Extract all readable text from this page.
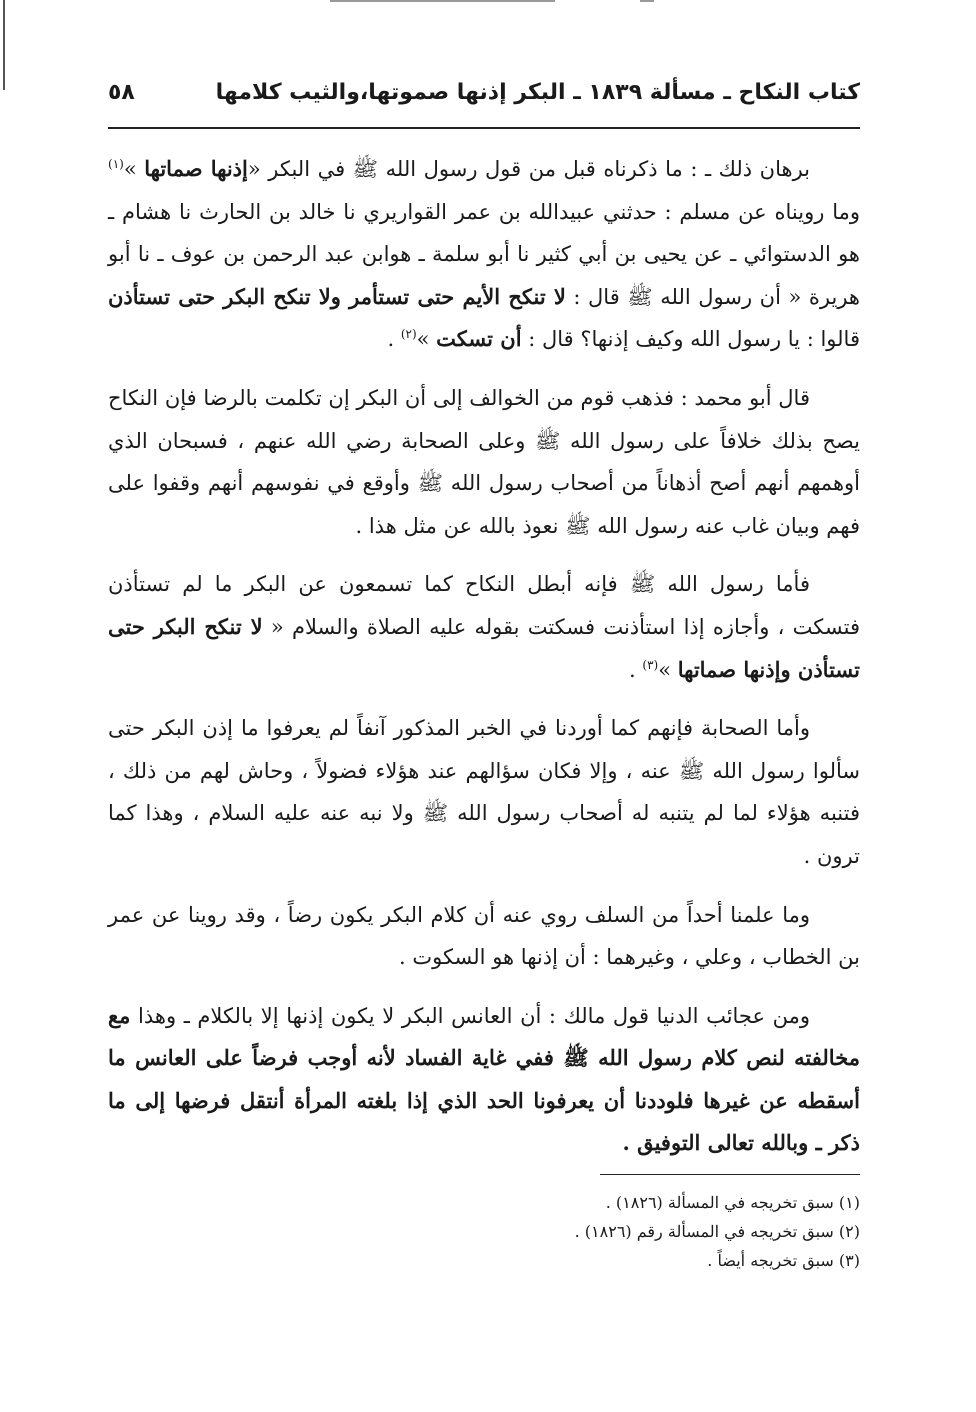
كتاب النكاح ـ مسألة ١٨٣٩ ـ البكر إذنها صموتها،والثيب كلامها
٥٨

برهان ذلك ـ : ما ذكرناه قبل من قول رسول الله ﷺ في البكر «إذنها صماتها »$^{(١)}$ وما رويناه عن مسلم : حدثني عبيدالله بن عمر القواريري نا خالد بن الحارث نا هشام ـ هو الدستوائي ـ عن يحيى بن أبي كثير نا أبو سلمة ـ هوابن عبد الرحمن بن عوف ـ نا أبو هريرة « أن رسول الله ﷺ قال : لا تنكح الأيم حتى تستأمر ولا تنكح البكر حتى تستأذن قالوا : يا رسول الله وكيف إذنها؟ قال : أن تسكت »$^{(٢)}$ .

قال أبو محمد : فذهب قوم من الخوالف إلى أن البكر إن تكلمت بالرضا فإن النكاح يصح بذلك خلافاً على رسول الله ﷺ وعلى الصحابة رضي الله عنهم ، فسبحان الذي أوهمهم أنهم أصح أذهاناً من أصحاب رسول الله ﷺ وأوقع في نفوسهم أنهم وقفوا على فهم وبيان غاب عنه رسول الله ﷺ نعوذ بالله عن مثل هذا .

فأما رسول الله ﷺ فإنه أبطل النكاح كما تسمعون عن البكر ما لم تستأذن فتسكت ، وأجازه إذا استأذنت فسكتت بقوله عليه الصلاة والسلام « لا تنكح البكر حتى تستأذن وإذنها صماتها »$^{(٣)}$ .

وأما الصحابة فإنهم كما أوردنا في الخبر المذكور آنفاً لم يعرفوا ما إذن البكر حتى سألوا رسول الله ﷺ عنه ، وإلا فكان سؤالهم عند هؤلاء فضولاً ، وحاش لهم من ذلك ، فتنبه هؤلاء لما لم يتنبه له أصحاب رسول الله ﷺ ولا نبه عنه عليه السلام ، وهذا كما ترون .

وما علمنا أحداً من السلف روي عنه أن كلام البكر يكون رضاً ، وقد روينا عن عمر بن الخطاب ، وعلي ، وغيرهما : أن إذنها هو السكوت .

ومن عجائب الدنيا قول مالك : أن العانس البكر لا يكون إذنها إلا بالكلام ـ وهذا مع مخالفته لنص كلام رسول الله ﷺ ففي غاية الفساد لأنه أوجب فرضاً على العانس ما أسقطه عن غيرها فلوددنا أن يعرفونا الحد الذي إذا بلغته المرأة أنتقل فرضها إلى ما ذكر ـ وبالله تعالى التوفيق .

(١) سبق تخريجه في المسألة (١٨٢٦) .
(٢) سبق تخريجه في المسألة رقم (١٨٢٦) .
(٣) سبق تخريجه أيضاً .
